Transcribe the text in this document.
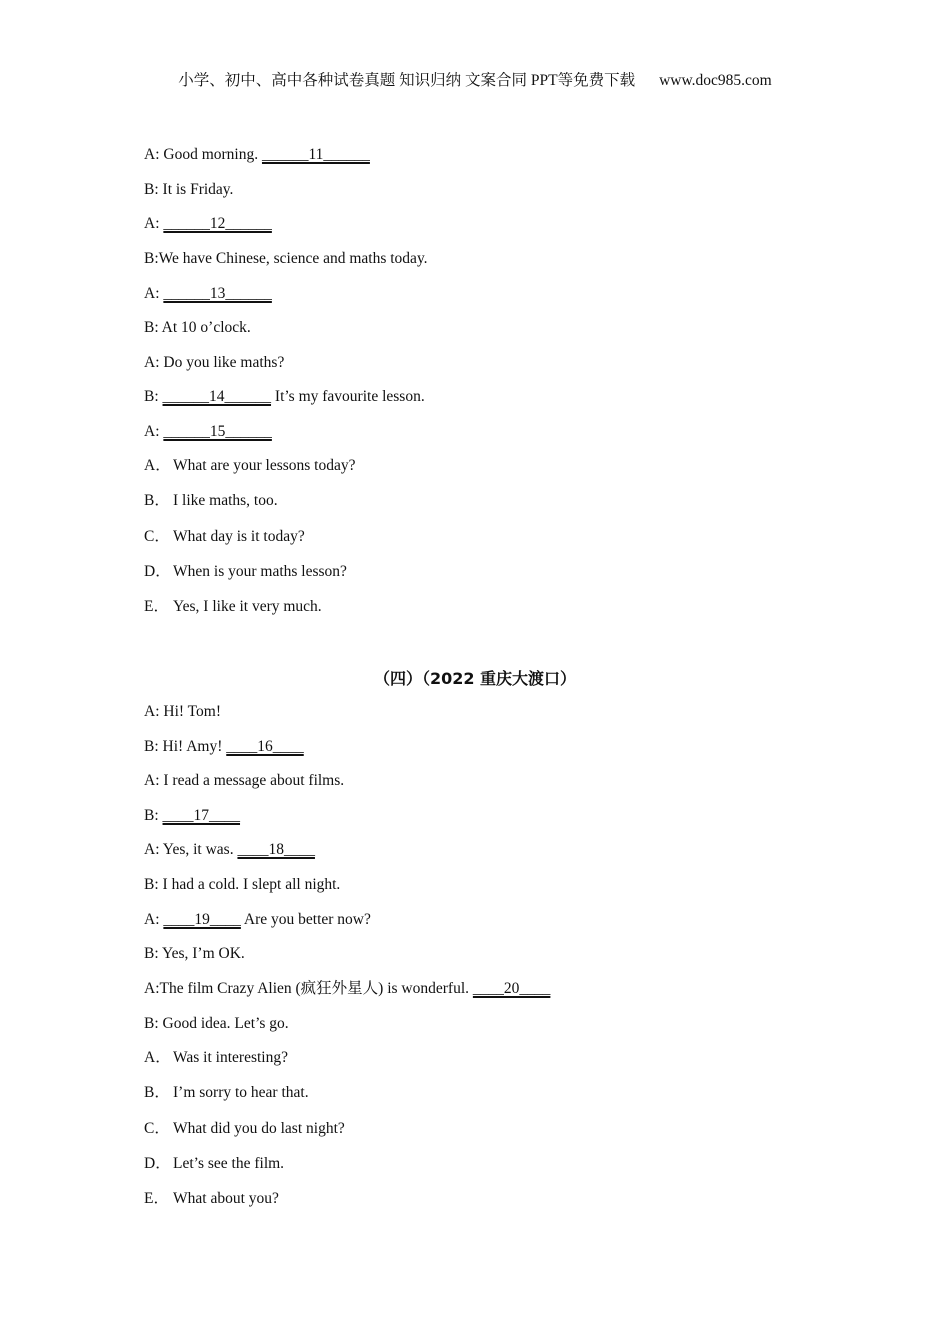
小学、初中、高中各种试卷真题 知识归纳 文案合同 PPT等免费下载 www.doc985.com
A: Good morning. ______11______
B: It is Friday.
A: ______12______
B:We have Chinese, science and maths today.
A: ______13______
B: At 10 o’clock.
A: Do you like maths?
B: ______14______ It’s my favourite lesson.
A: ______15______
A． What are your lessons today?
B． I like maths, too.
C． What day is it today?
D． When is your maths lesson?
E． Yes, I like it very much.
（四）（2022 重庆大渡口）
A: Hi! Tom!
B: Hi! Amy! ____16____
A: I read a message about films.
B: ____17____
A: Yes, it was. ____18____
B: I had a cold. I slept all night.
A: ____19____ Are you better now?
B: Yes, I’m OK.
A:The film Crazy Alien (疯狂外星人) is wonderful. ____20____
B: Good idea. Let’s go.
A． Was it interesting?
B． I’m sorry to hear that.
C． What did you do last night?
D． Let’s see the film.
E． What about you?
